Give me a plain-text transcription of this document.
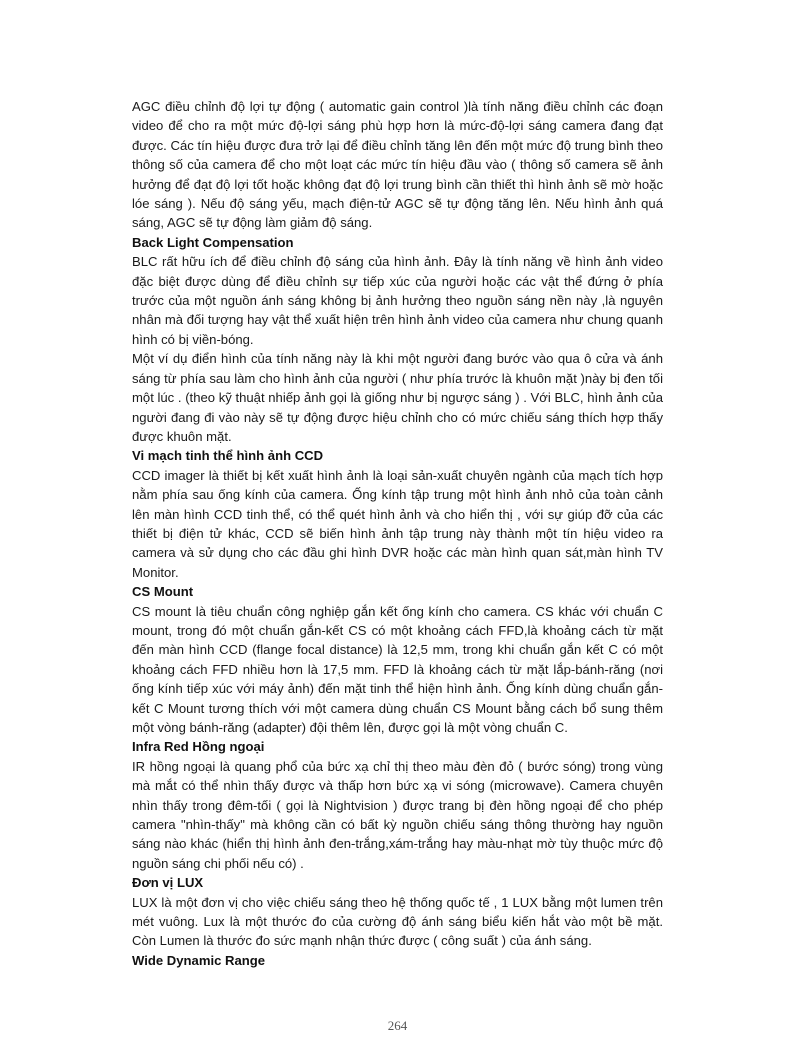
AGC điều chỉnh độ lợi tự động ( automatic gain control )là tính năng điều chỉnh các đoạn video để cho ra một mức độ-lợi sáng phù hợp hơn là mức-độ-lợi sáng camera đang đạt được. Các tín hiệu được đưa trở lại để điều chỉnh tăng lên đến một mức độ trung bình theo thông số của camera để cho một loạt các mức tín hiệu đầu vào ( thông số camera sẽ ảnh hưởng để đạt độ lợi tốt hoặc không đạt độ lợi trung bình cần thiết thì hình ảnh sẽ mờ hoặc lóe sáng ). Nếu độ sáng yếu, mạch điện-tử AGC sẽ tự động tăng lên. Nếu hình ảnh quá sáng, AGC sẽ tự động làm giảm độ sáng.

Back Light Compensation

BLC rất hữu ích để điều chỉnh độ sáng của hình ảnh. Đây là tính năng về hình ảnh video đặc biệt được dùng để điều chỉnh sự tiếp xúc của người hoặc các vật thể đứng ở phía trước của một nguồn ánh sáng không bị ảnh hưởng theo nguồn sáng nền này ,là nguyên nhân mà đối tượng hay vật thể xuất hiện trên hình ảnh video của camera như chung quanh hình có bị viền-bóng.

Một ví dụ điển hình của tính năng này là khi một người đang bước vào qua ô cửa và ánh sáng từ phía sau làm cho hình ảnh của người ( như phía trước là khuôn mặt )này bị đen tối một lúc . (theo kỹ thuật nhiếp ảnh gọi là giống như bị ngược sáng ) . Với BLC, hình ảnh của người đang đi vào này sẽ tự động được hiệu chỉnh cho có mức chiếu sáng thích hợp thấy được khuôn mặt.

Vi mạch tinh thể hình ảnh CCD

CCD imager là thiết bị kết xuất hình ảnh là loại sản-xuất chuyên ngành của mạch tích hợp nằm phía sau ống kính của camera. Ống kính tập trung một hình ảnh nhỏ của toàn cảnh lên màn hình CCD tinh thể, có thể quét hình ảnh và cho hiển thị , với sự giúp đỡ của các thiết bị điện tử khác, CCD sẽ biến hình ảnh tập trung này thành một tín hiệu video ra camera và sử dụng cho các đầu ghi hình DVR hoặc các màn hình quan sát,màn hình TV Monitor.

CS Mount

CS mount là tiêu chuẩn công nghiệp gắn kết ống kính cho camera. CS khác với chuẩn C mount, trong đó một chuẩn gắn-kết CS có một khoảng cách FFD,là khoảng cách từ mặt đến màn hình CCD (flange focal distance) là 12,5 mm, trong khi chuẩn gắn kết C có một khoảng cách FFD nhiều hơn là 17,5 mm. FFD là khoảng cách từ mặt lắp-bánh-răng (nơi ống kính tiếp xúc với máy ảnh) đến mặt tinh thể hiện hình ảnh. Ống kính dùng chuẩn gắn-kết C Mount tương thích với một camera dùng chuẩn CS Mount bằng cách bổ sung thêm một vòng bánh-răng (adapter) đội thêm lên, được gọi là một vòng chuẩn C.

Infra Red Hồng ngoại

IR hồng ngoại là quang phổ của bức xạ chỉ thị theo màu đèn đỏ ( bước sóng) trong vùng mà mắt có thể nhìn thấy được và thấp hơn bức xạ vi sóng (microwave). Camera chuyên nhìn thấy trong đêm-tối ( gọi là Nightvision ) được trang bị đèn hồng ngoại để cho phép camera "nhìn-thấy" mà không cần có bất kỳ nguồn chiếu sáng thông thường hay nguồn sáng nào khác (hiển thị hình ảnh đen-trắng,xám-trắng hay màu-nhạt mờ tùy thuộc mức độ nguồn sáng chi phối nếu có) .

Đơn vị LUX

LUX là một đơn vị cho việc chiếu sáng theo hệ thống quốc tế , 1 LUX bằng một lumen trên mét vuông. Lux là một thước đo của cường độ ánh sáng biểu kiến hắt vào một bề mặt. Còn Lumen là thước đo sức mạnh nhận thức được ( công suất ) của ánh sáng.

Wide Dynamic Range

264
